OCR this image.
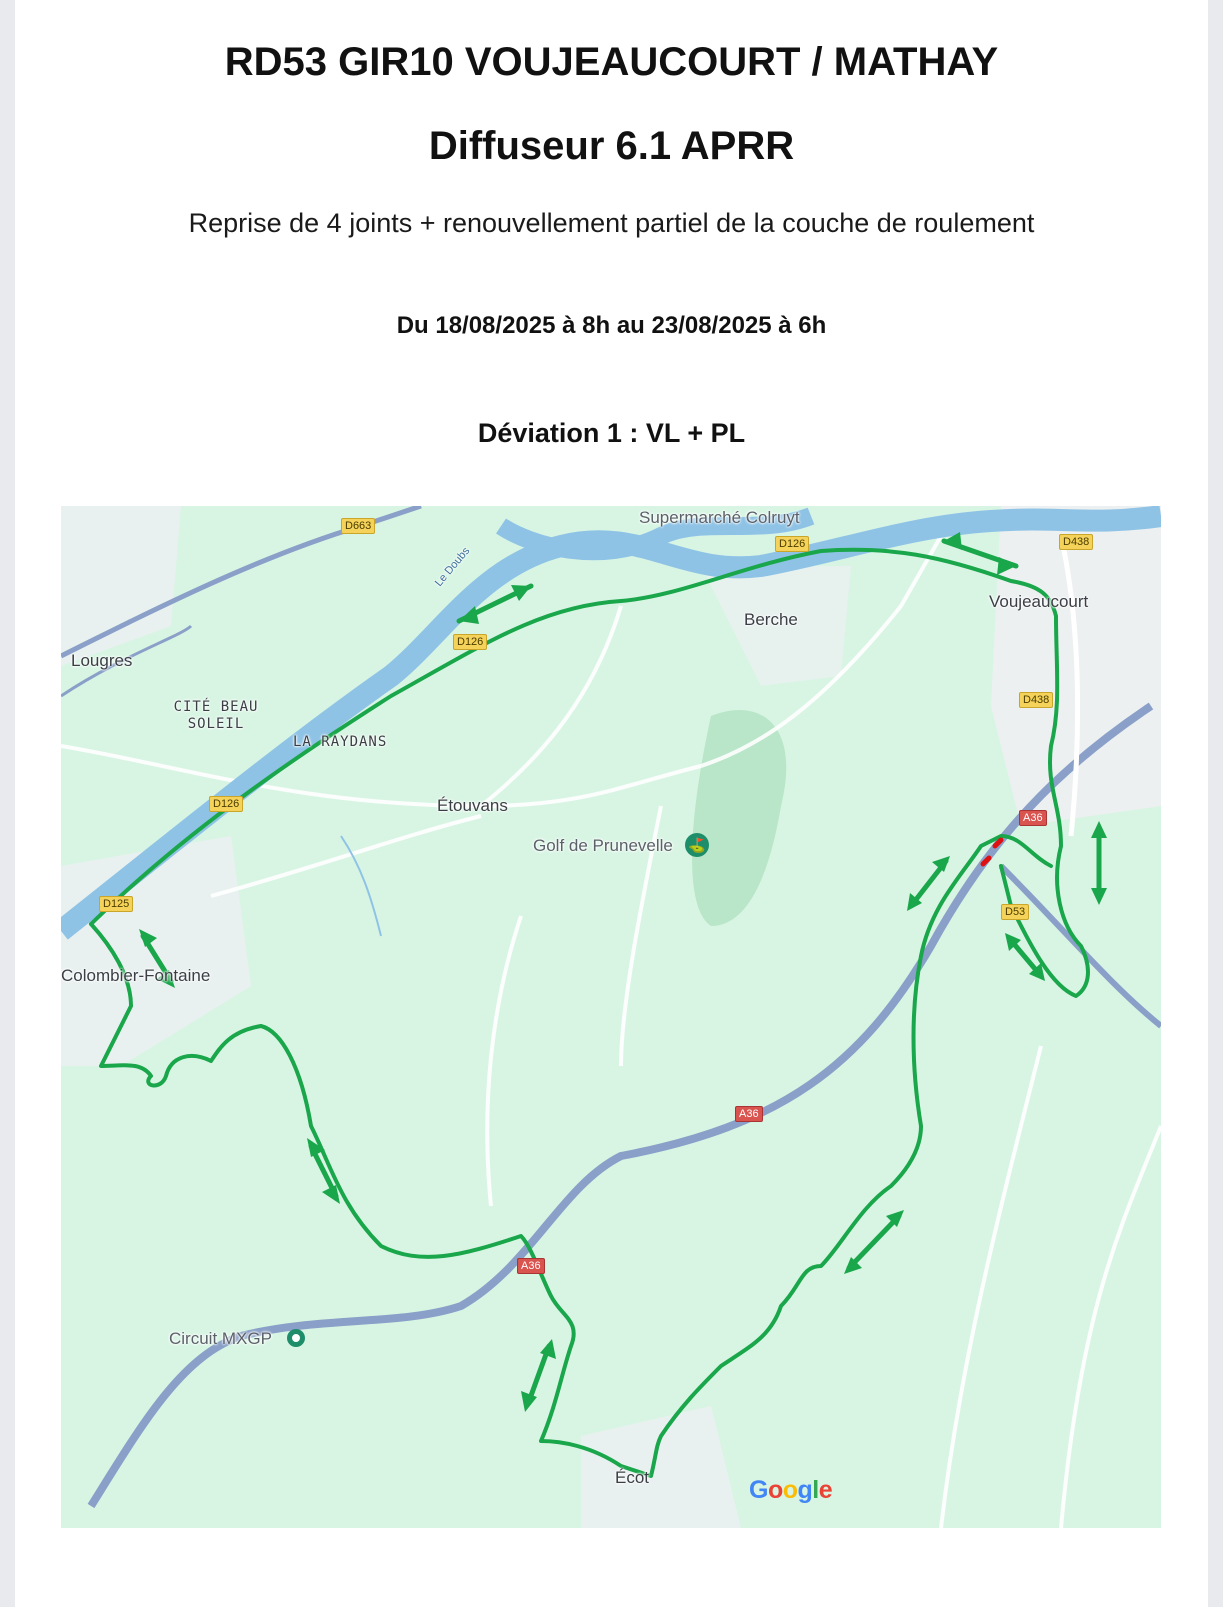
RD53 GIR10 VOUJEAUCOURT / MATHAY
Diffuseur 6.1 APRR
Reprise de 4 joints + renouvellement partiel de la couche de roulement
Du 18/08/2025 à 8h au 23/08/2025 à 6h
Déviation 1 : VL + PL
Supermarché Colruyt
Voujeaucourt
Berche
Lougres
CITÉ BEAU SOLEIL
LA RAYDANS
Étouvans
Golf de Prunevelle ⛳
Colombier-Fontaine
Circuit MXGP
Écot
Le Doubs
D663
D438
D438
D126
D126
D126
D125
A36
A36
A36
D53
Google
